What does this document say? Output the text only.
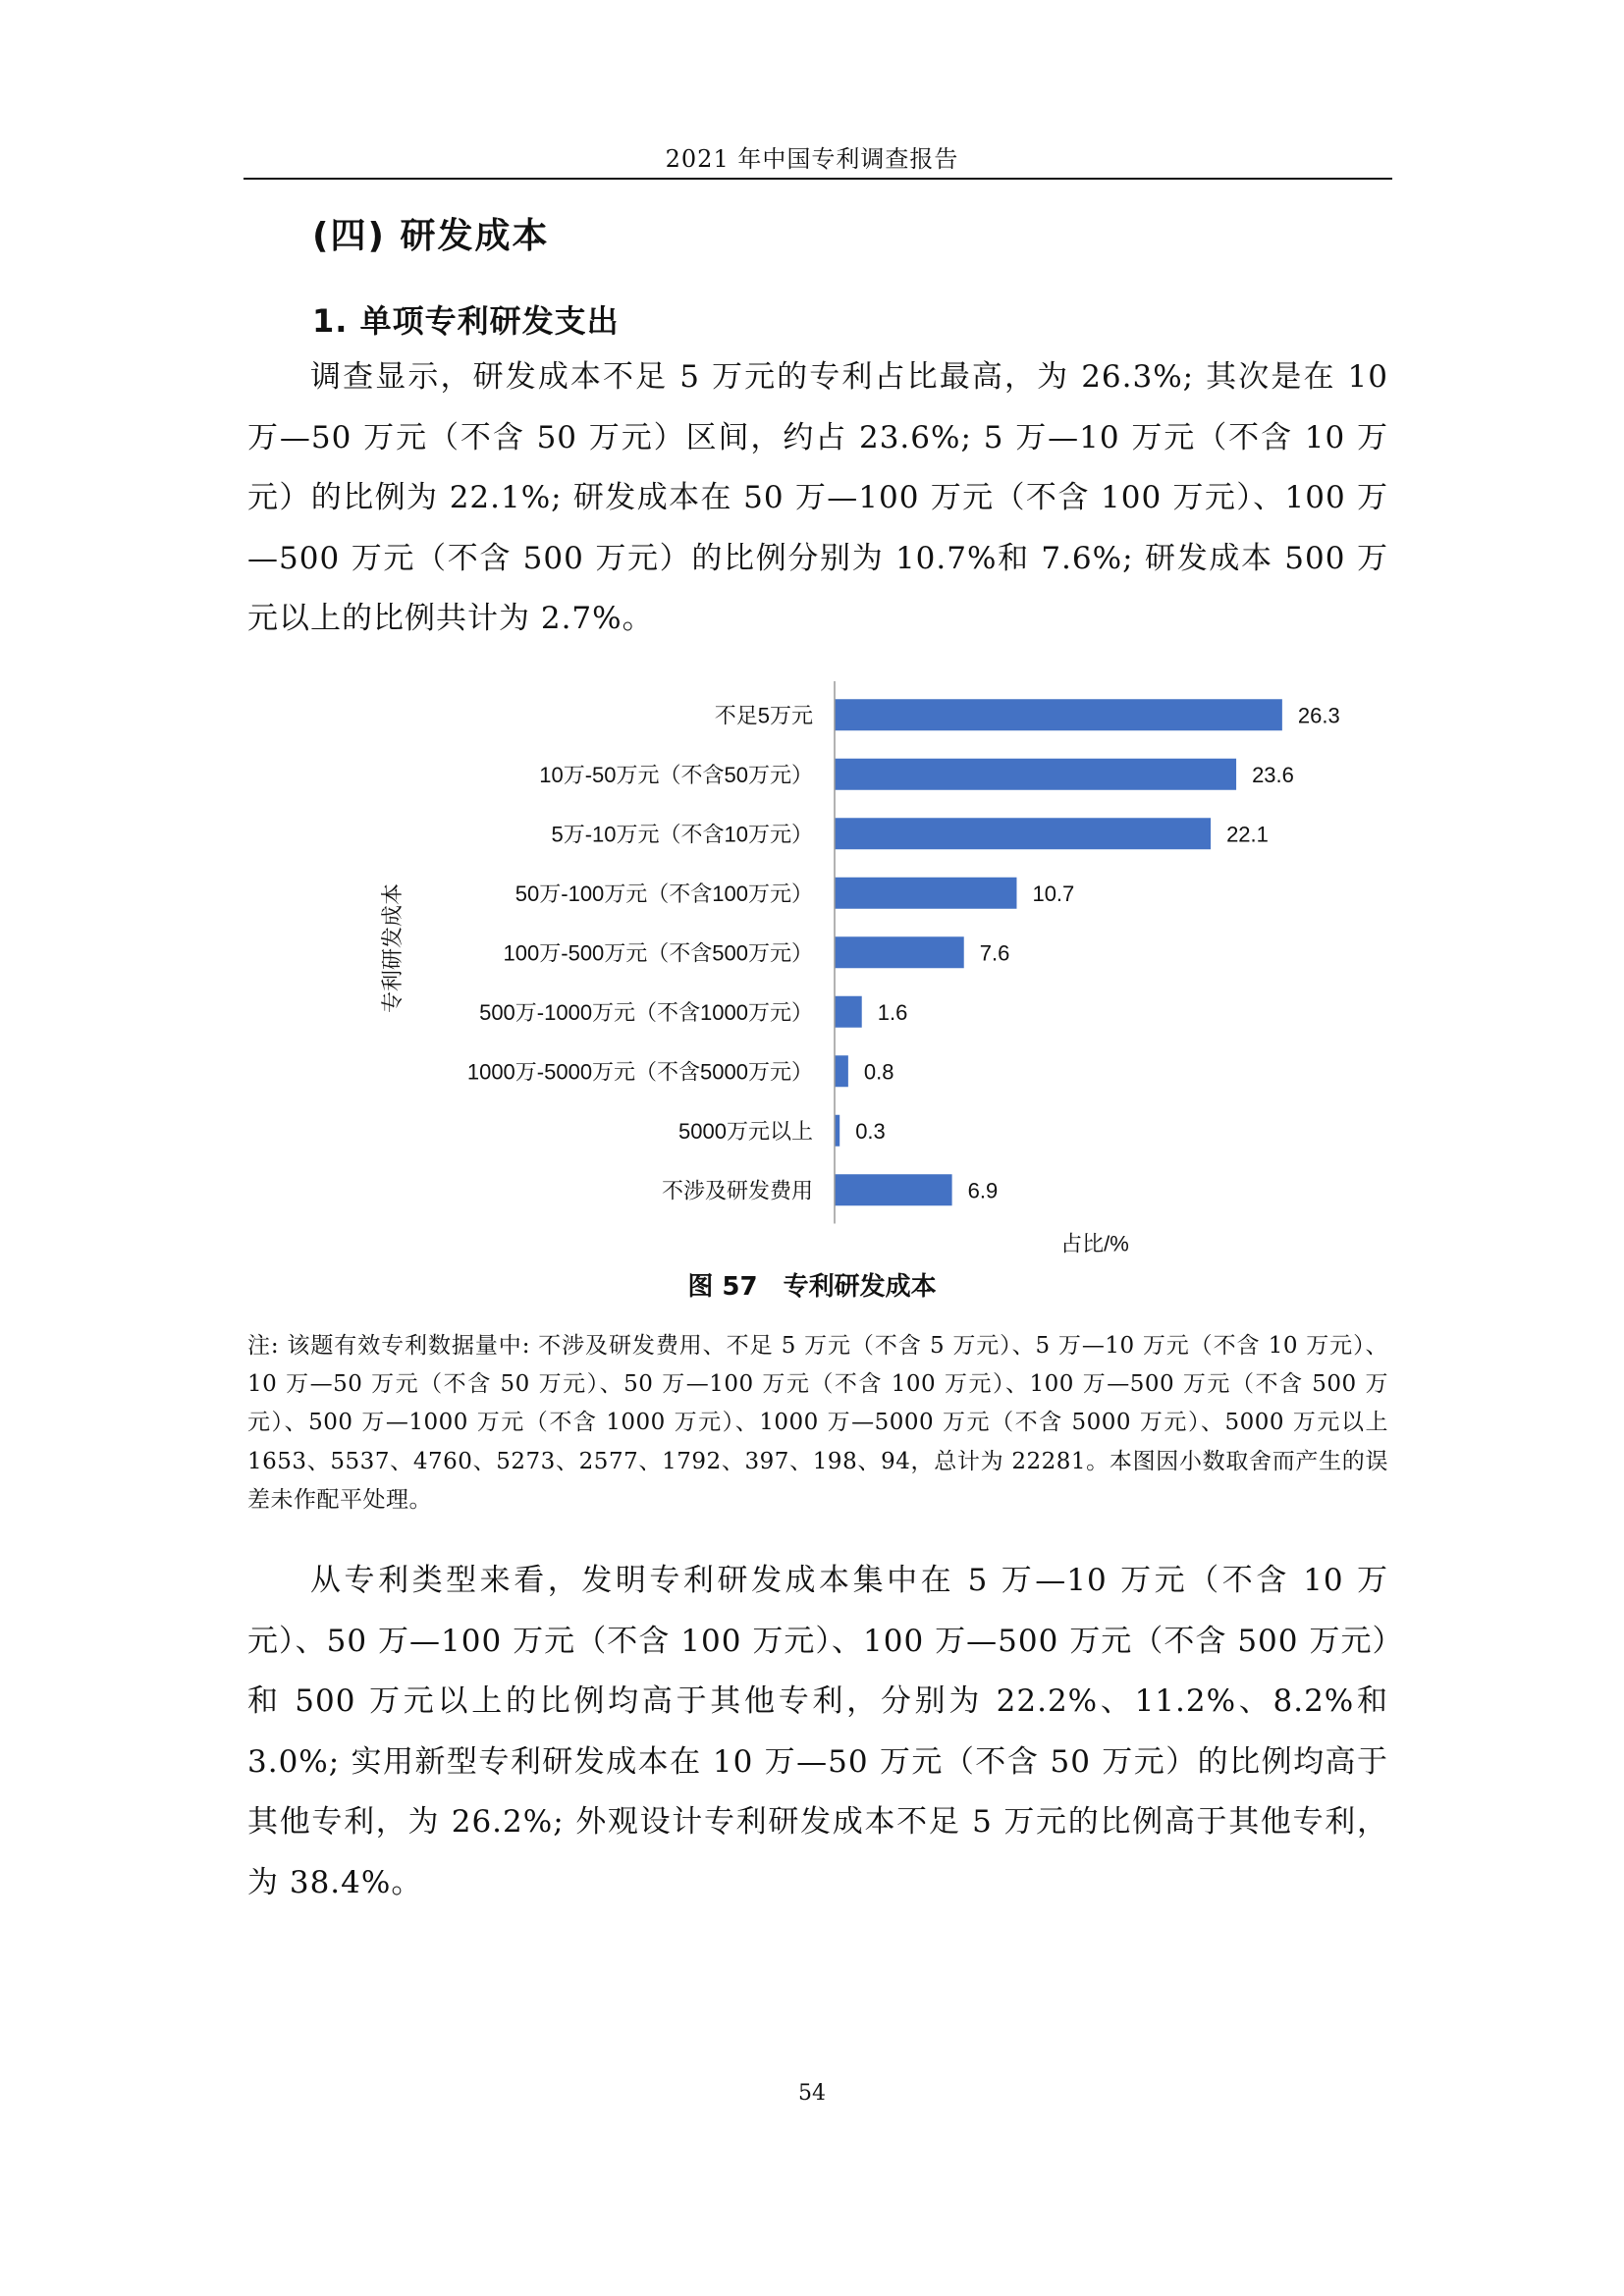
2021 年中国专利调查报告
(四) 研发成本
1. 单项专利研发支出

调查显示，研发成本不足 5 万元的专利占比最高，为 26.3%; 其次是在 10 万—50 万元（不含 50 万元）区间，约占 23.6%; 5 万—10 万元（不含 10 万元）的比例为 22.1%; 研发成本在 50 万—100 万元（不含 100 万元）、100 万—500 万元（不含 500 万元）的比例分别为 10.7%和 7.6%; 研发成本 500 万元以上的比例共计为 2.7%。

不足5万元
10万-50万元（不含50万元）
5万-10万元（不含10万元）
50万-100万元（不含100万元）
100万-500万元（不含500万元）
500万-1000万元（不含1000万元）
1000万-5000万元（不含5000万元）
5000万元以上
不涉及研发费用
26.3
23.6
22.1
10.7
7.6
1.6
0.8
0.3
6.9
占比/%
专利研发成本
图 57　专利研发成本

注: 该题有效专利数据量中: 不涉及研发费用、不足 5 万元（不含 5 万元）、5 万—10 万元（不含 10 万元）、10 万—50 万元（不含 50 万元）、50 万—100 万元（不含 100 万元）、100 万—500 万元（不含 500 万元）、500 万—1000 万元（不含 1000 万元）、1000 万—5000 万元（不含 5000 万元）、5000 万元以上 1653、5537、4760、5273、2577、1792、397、198、94，总计为 22281。本图因小数取舍而产生的误差未作配平处理。

从专利类型来看，发明专利研发成本集中在 5 万—10 万元（不含 10 万元）、50 万—100 万元（不含 100 万元）、100 万—500 万元（不含 500 万元）和 500 万元以上的比例均高于其他专利，分别为 22.2%、11.2%、8.2%和 3.0%; 实用新型专利研发成本在 10 万—50 万元（不含 50 万元）的比例均高于其他专利，为 26.2%; 外观设计专利研发成本不足 5 万元的比例高于其他专利，为 38.4%。

54
